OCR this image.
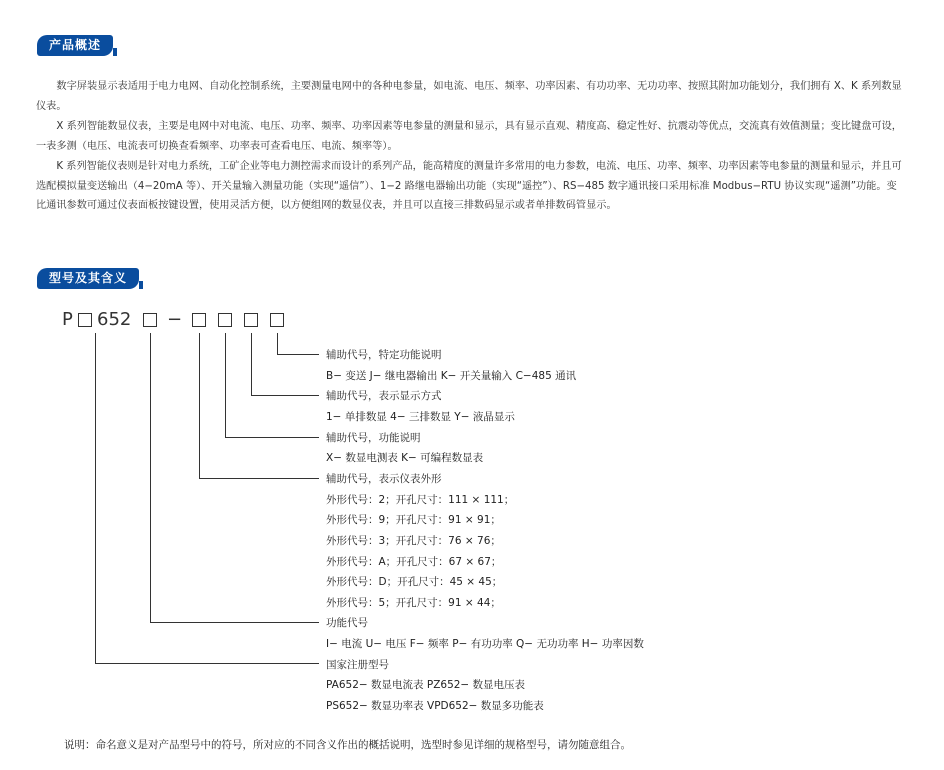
产品概述

数字屏装显示表适用于电力电网、自动化控制系统，主要测量电网中的各种电参量，如电流、电压、频率、功率因素、有功功率、无功功率、按照其附加功能划分，我们拥有 X、K 系列数显仪表。

X 系列智能数显仪表，主要是电网中对电流、电压、功率、频率、功率因素等电参量的测量和显示，具有显示直观、精度高、稳定性好、抗震动等优点，交流真有效值测量；变比键盘可设，一表多测（电压、电流表可切换查看频率、功率表可查看电压、电流、频率等）。

K 系列智能仪表则是针对电力系统，工矿企业等电力测控需求而设计的系列产品，能高精度的测量许多常用的电力参数，电流、电压、功率、频率、功率因素等电参量的测量和显示，并且可选配模拟量变送输出（4−20mA 等）、开关量输入测量功能（实现“遥信”）、1−2 路继电器输出功能（实现“遥控”）、RS−485 数字通讯接口采用标准 Modbus−RTU 协议实现“遥测”功能。变比通讯参数可通过仪表面板按键设置，使用灵活方便，以方便组网的数显仪表，并且可以直接三排数码显示或者单排数码管显示。

型号及其含义
P 652 −
辅助代号，特定功能说明
B− 变送 J− 继电器输出 K− 开关量输入 C−485 通讯
辅助代号，表示显示方式
1− 单排数显 4− 三排数显 Y− 液晶显示
辅助代号，功能说明
X− 数显电测表 K− 可编程数显表
辅助代号，表示仪表外形
外形代号：2；开孔尺寸：111 × 111；
外形代号：9；开孔尺寸：91 × 91；
外形代号：3；开孔尺寸：76 × 76；
外形代号：A；开孔尺寸：67 × 67；
外形代号：D；开孔尺寸：45 × 45；
外形代号：5；开孔尺寸：91 × 44；
功能代号
I− 电流 U− 电压 F− 频率 P− 有功功率 Q− 无功功率 H− 功率因数
国家注册型号
PA652− 数显电流表 PZ652− 数显电压表
PS652− 数显功率表 VPD652− 数显多功能表
说明：命名意义是对产品型号中的符号，所对应的不同含义作出的概括说明，选型时参见详细的规格型号，请勿随意组合。
